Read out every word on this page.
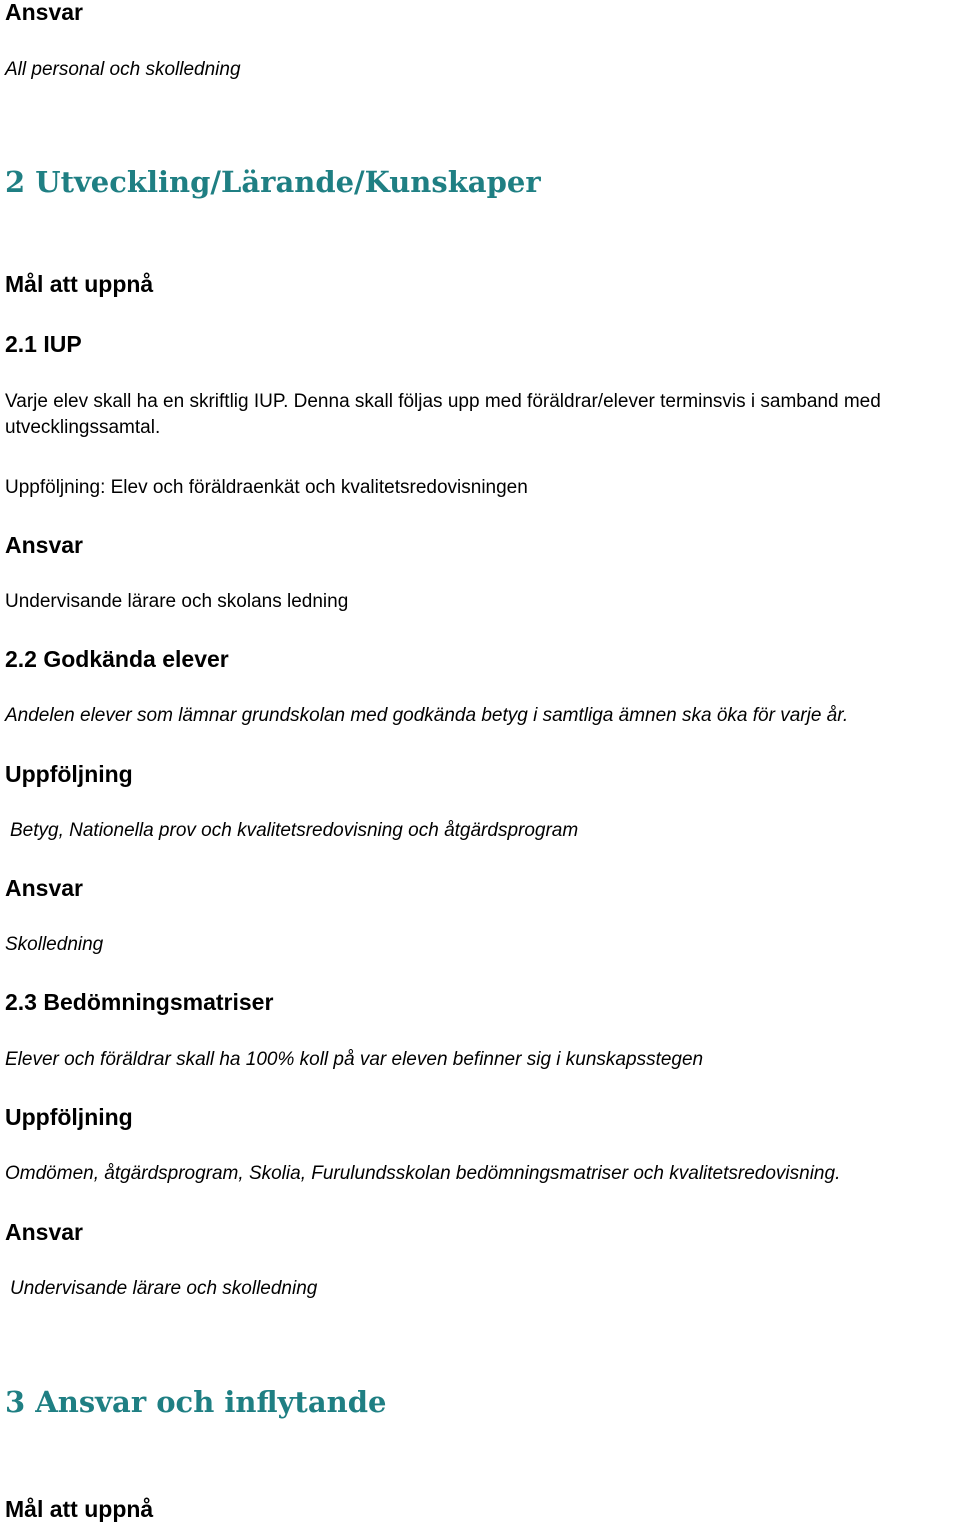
Ansvar

All personal och skolledning

2 Utveckling/Lärande/Kunskaper

Mål att uppnå

2.1 IUP

Varje elev skall ha en skriftlig IUP. Denna skall följas upp med föräldrar/elever terminsvis i samband med utvecklingssamtal.

Uppföljning: Elev och föräldraenkät och kvalitetsredovisningen

Ansvar

Undervisande lärare och skolans ledning

2.2 Godkända elever

Andelen elever som lämnar grundskolan med godkända betyg i samtliga ämnen ska öka för varje år.

Uppföljning

Betyg, Nationella prov och kvalitetsredovisning och åtgärdsprogram

Ansvar

Skolledning

2.3 Bedömningsmatriser

Elever och föräldrar skall ha 100% koll på var eleven befinner sig i kunskapsstegen

Uppföljning

Omdömen, åtgärdsprogram, Skolia, Furulundsskolan bedömningsmatriser och kvalitetsredovisning.

Ansvar

Undervisande lärare och skolledning

3 Ansvar och inflytande

Mål att uppnå
